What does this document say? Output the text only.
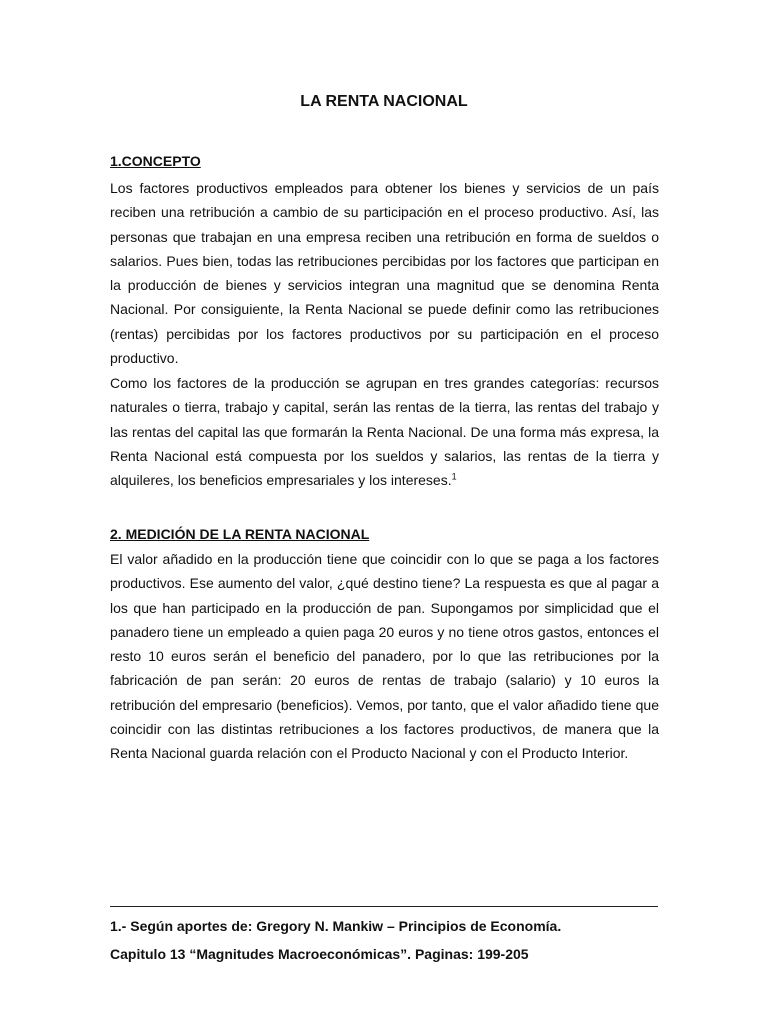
LA RENTA NACIONAL
1.CONCEPTO

Los factores productivos empleados para obtener los bienes y servicios de un país reciben una retribución a cambio de su participación en el proceso productivo. Así, las personas que trabajan en una empresa reciben una retribución en forma de sueldos o salarios. Pues bien, todas las retribuciones percibidas por los factores que participan en la producción de bienes y servicios integran una magnitud que se denomina Renta Nacional. Por consiguiente, la Renta Nacional se puede definir como las retribuciones (rentas) percibidas por los factores productivos por su participación en el proceso productivo.

Como los factores de la producción se agrupan en tres grandes categorías: recursos naturales o tierra, trabajo y capital, serán las rentas de la tierra, las rentas del trabajo y las rentas del capital las que formarán la Renta Nacional. De una forma más expresa, la Renta Nacional está compuesta por los sueldos y salarios, las rentas de la tierra y alquileres, los beneficios empresariales y los intereses.$^1$

2. MEDICIÓN DE LA RENTA NACIONAL

El valor añadido en la producción tiene que coincidir con lo que se paga a los factores productivos. Ese aumento del valor, ¿qué destino tiene? La respuesta es que al pagar a los que han participado en la producción de pan. Supongamos por simplicidad que el panadero tiene un empleado a quien paga 20 euros y no tiene otros gastos, entonces el resto 10 euros serán el beneficio del panadero, por lo que las retribuciones por la fabricación de pan serán: 20 euros de rentas de trabajo (salario) y 10 euros la retribución del empresario (beneficios). Vemos, por tanto, que el valor añadido tiene que coincidir con las distintas retribuciones a los factores productivos, de manera que la Renta Nacional guarda relación con el Producto Nacional y con el Producto Interior.

1.- Según aportes de: Gregory N. Mankiw – Principios de Economía.

Capitulo 13 “Magnitudes Macroeconómicas”. Paginas: 199-205
